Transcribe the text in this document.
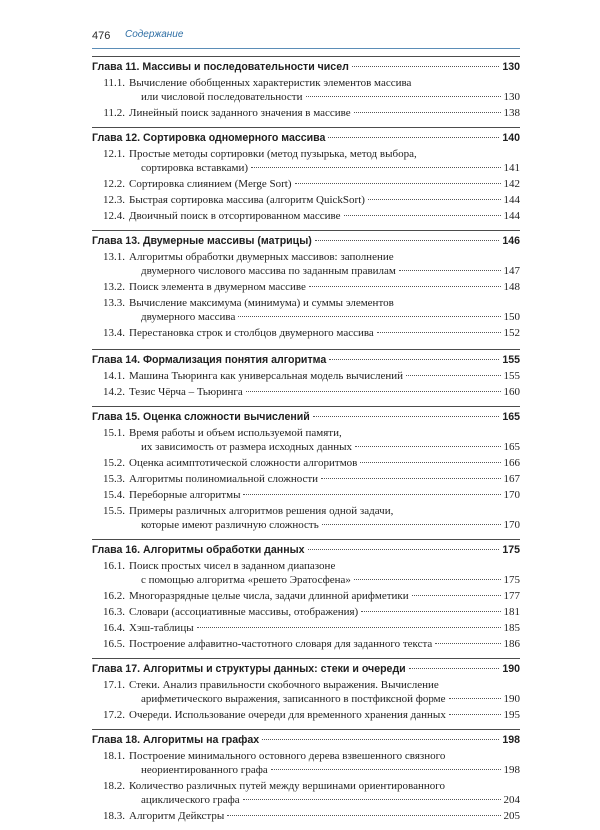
476 Содержание
Глава 11. Массивы и последовательности чисел	130
11.1. Вычисление обобщенных характеристик элементов массива
или числовой последовательности	130
11.2. Линейный поиск заданного значения в массиве	138
Глава 12. Сортировка одномерного массива	140
12.1. Простые методы сортировки (метод пузырька, метод выбора,
сортировка вставками)	141
12.2. Сортировка слиянием (Merge Sort)	142
12.3. Быстрая сортировка массива (алгоритм QuickSort)	144
12.4. Двоичный поиск в отсортированном массиве	144
Глава 13. Двумерные массивы (матрицы)	146
13.1. Алгоритмы обработки двумерных массивов: заполнение
двумерного числового массива по заданным правилам	147
13.2. Поиск элемента в двумерном массиве	148
13.3. Вычисление максимума (минимума) и суммы элементов
двумерного массива	150
13.4. Перестановка строк и столбцов двумерного массива	152
Глава 14. Формализация понятия алгоритма	155
14.1. Машина Тьюринга как универсальная модель вычислений	155
14.2. Тезис Чёрча – Тьюринга	160
Глава 15. Оценка сложности вычислений	165
15.1. Время работы и объем используемой памяти,
их зависимость от размера исходных данных	165
15.2. Оценка асимптотической сложности алгоритмов	166
15.3. Алгоритмы полиномиальной сложности	167
15.4. Переборные алгоритмы	170
15.5. Примеры различных алгоритмов решения одной задачи,
которые имеют различную сложность	170
Глава 16. Алгоритмы обработки данных	175
16.1. Поиск простых чисел в заданном диапазоне
с помощью алгоритма «решето Эратосфена»	175
16.2. Многоразрядные целые числа, задачи длинной арифметики	177
16.3. Словари (ассоциативные массивы, отображения)	181
16.4. Хэш-таблицы	185
16.5. Построение алфавитно-частотного словаря для заданного текста	186
Глава 17. Алгоритмы и структуры данных: стеки и очереди	190
17.1. Стеки. Анализ правильности скобочного выражения. Вычисление
арифметического выражения, записанного в постфиксной форме	190
17.2. Очереди. Использование очереди для временного хранения данных	195
Глава 18. Алгоритмы на графах	198
18.1. Построение минимального остовного дерева взвешенного связного
неориентированного графа	198
18.2. Количество различных путей между вершинами ориентированного
ациклического графа	204
18.3. Алгоритм Дейкстры	205
